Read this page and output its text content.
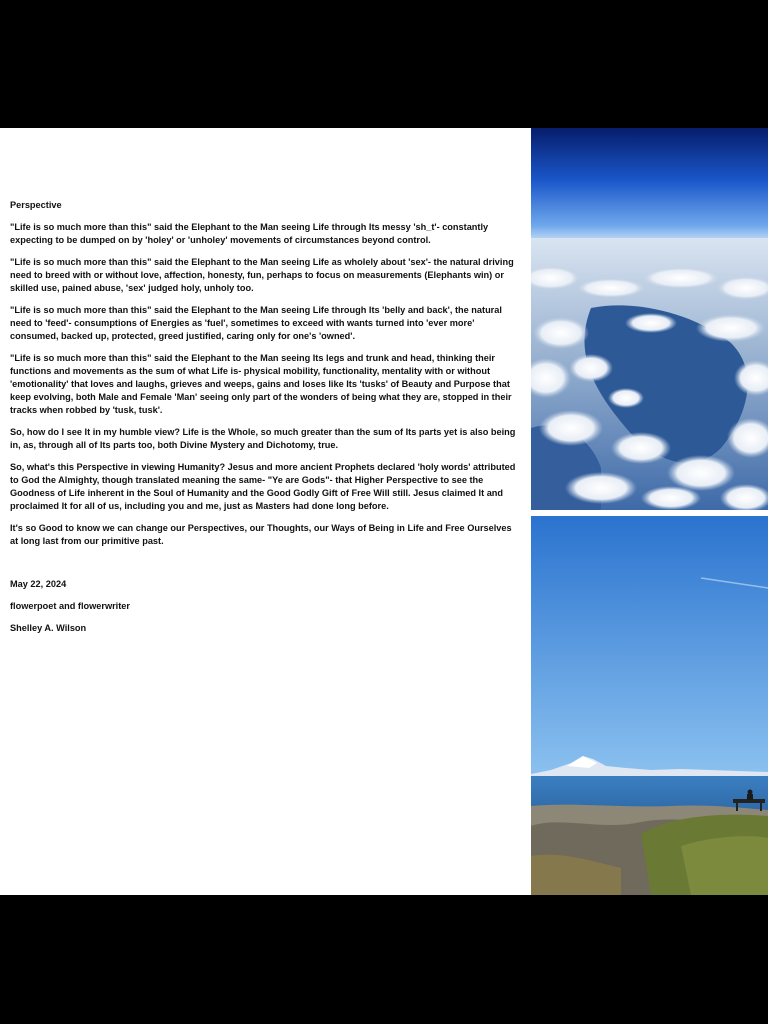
Perspective

"Life is so much more than this" said the Elephant to the Man seeing Life through Its messy 'sh_t'- constantly expecting to be dumped on by 'holey' or 'unholey' movements of circumstances beyond control.

"Life is so much more than this" said the Elephant to the Man seeing Life as wholely about 'sex'- the natural driving need to breed with or without love, affection, honesty, fun, perhaps to focus on measurements (Elephants win) or skilled use, pained abuse, 'sex' judged holy, unholy too.

"Life is so much more than this" said the Elephant to the Man seeing Life through Its 'belly and back', the natural need to 'feed'- consumptions of Energies as 'fuel', sometimes to exceed with wants turned into 'ever more' consumed, backed up, protected, greed justified, caring only for one's 'owned'.

"Life is so much more than this" said the Elephant to the Man seeing Its legs and trunk and head, thinking their functions and movements as the sum of what Life is- physical mobility, functionality, mentality with or without 'emotionality' that loves and laughs, grieves and weeps, gains and loses like Its 'tusks' of Beauty and Purpose that keep evolving, both Male and Female 'Man' seeing only part of the wonders of being what they are, stopped in their tracks when robbed by 'tusk, tusk'.

So, how do I see It in my humble view? Life is the Whole, so much greater than the sum of Its parts yet is also being in, as, through all of Its parts too, both Divine Mystery and Dichotomy, true.

So, what's this Perspective in viewing Humanity? Jesus and more ancient Prophets declared 'holy words' attributed to God the Almighty, though translated meaning the same- "Ye are Gods"- that Higher Perspective to see the Goodness of Life inherent in the Soul of Humanity and the Good Godly Gift of Free Will still. Jesus claimed It and proclaimed It for all of us, including you and me, just as Masters had done long before.

It's so Good to know we can change our Perspectives, our Thoughts, our Ways of Being in Life and Free Ourselves at long last from our primitive past.

May 22, 2024

flowerpoet and flowerwriter

Shelley A. Wilson
